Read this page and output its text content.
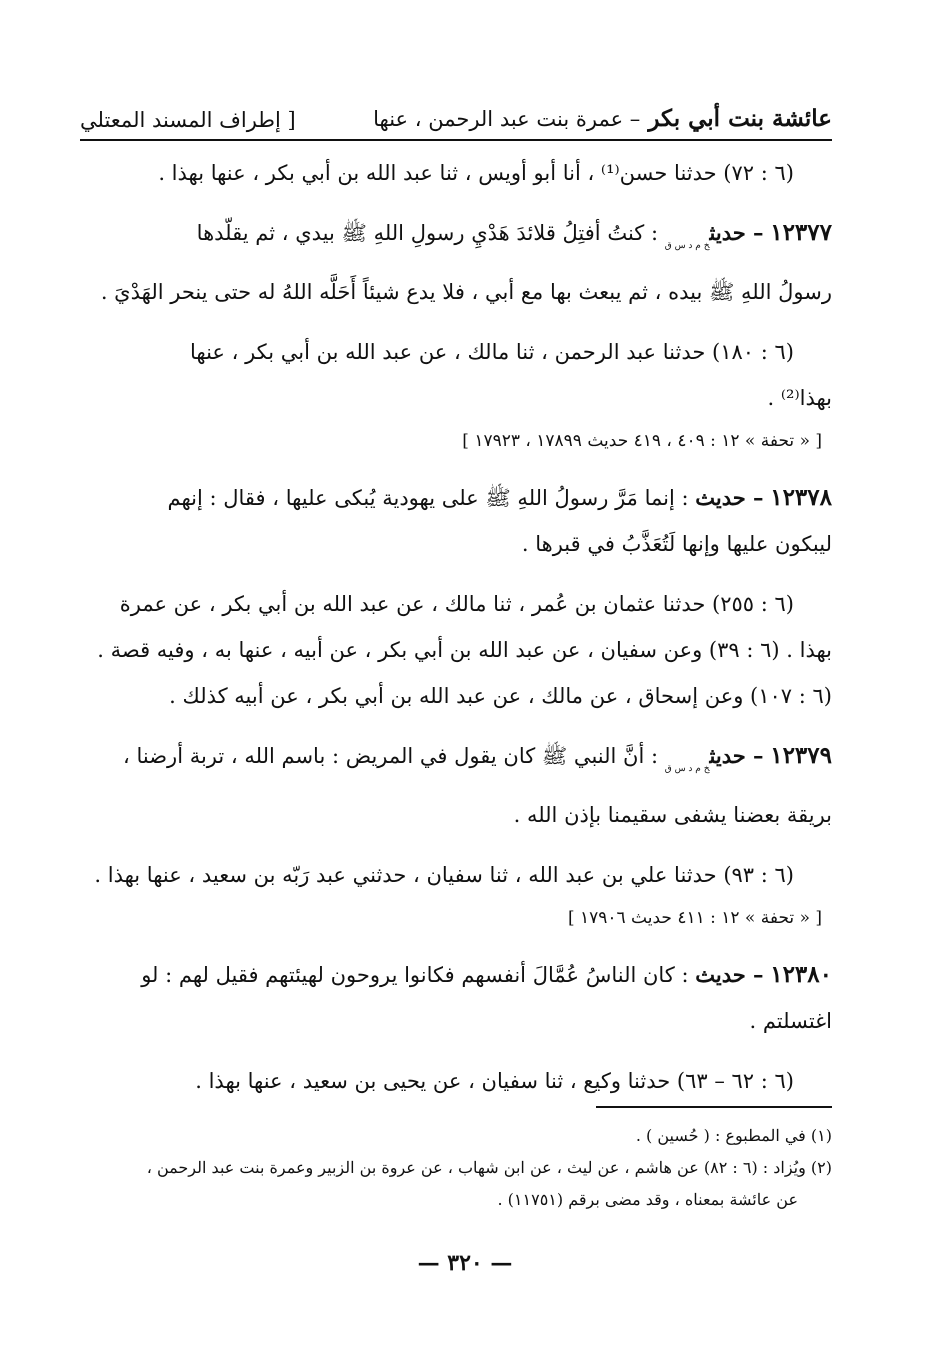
عائشة بنت أبي بكر – عمرة بنت عبد الرحمن ، عنها
[ إطراف المسند المعتلي
(٦ : ٧٢) حدثنا حسن⁽¹⁾ ، أنا أبو أويس ، ثنا عبد الله بن أبي بكر ، عنها بهذا .
١٢٣٧٧ – حديث$_{خ م د س ق}$ : كنتُ أفتِلُ قلائدَ هَدْيِ رسولِ اللهِ ﷺ بيدي ، ثم يقلّدها
رسولُ اللهِ ﷺ بيده ، ثم يبعث بها مع أبي ، فلا يدع شيئاً أَحَلَّه اللهُ له حتى ينحر الهَدْيَ .
(٦ : ١٨٠) حدثنا عبد الرحمن ، ثنا مالك ، عن عبد الله بن أبي بكر ، عنها
بهذا⁽²⁾ .
[ « تحفة » ١٢ : ٤٠٩ ، ٤١٩ حديث ١٧٨٩٩ ، ١٧٩٢٣ ]
١٢٣٧٨ – حديث : إنما مَرَّ رسولُ اللهِ ﷺ على يهودية يُبكى عليها ، فقال : إنهم
ليبكون عليها وإنها لَتُعَذَّبُ في قبرها .
(٦ : ٢٥٥) حدثنا عثمان بن عُمر ، ثنا مالك ، عن عبد الله بن أبي بكر ، عن عمرة
بهذا . (٦ : ٣٩) وعن سفيان ، عن عبد الله بن أبي بكر ، عن أبيه ، عنها به ، وفيه قصة .
(٦ : ١٠٧) وعن إسحاق ، عن مالك ، عن عبد الله بن أبي بكر ، عن أبيه كذلك .
١٢٣٧٩ – حديث$_{خ م د س ق}$ : أنَّ النبي ﷺ كان يقول في المريض : باسم الله ، تربة أرضنا ،
بريقة بعضنا يشفى سقيمنا بإذن الله .
(٦ : ٩٣) حدثنا علي بن عبد الله ، ثنا سفيان ، حدثني عبد رَبّه بن سعيد ، عنها بهذا .
[ « تحفة » ١٢ : ٤١١ حديث ١٧٩٠٦ ]
١٢٣٨٠ – حديث : كان الناسُ عُمَّالَ أنفسهم فكانوا يروحون لهيئتهم فقيل لهم : لو
اغتسلتم .
(٦ : ٦٢ – ٦٣) حدثنا وكيع ، ثنا سفيان ، عن يحيى بن سعيد ، عنها بهذا .
(١) في المطبوع : ( حُسين ) .
(٢) ويُزاد : (٦ : ٨٢) عن هاشم ، عن ليث ، عن ابن شهاب ، عن عروة بن الزبير وعمرة بنت عبد الرحمن ،
عن عائشة بمعناه ، وقد مضى برقم (١١٧٥١) .
— ٣٢٠ —
